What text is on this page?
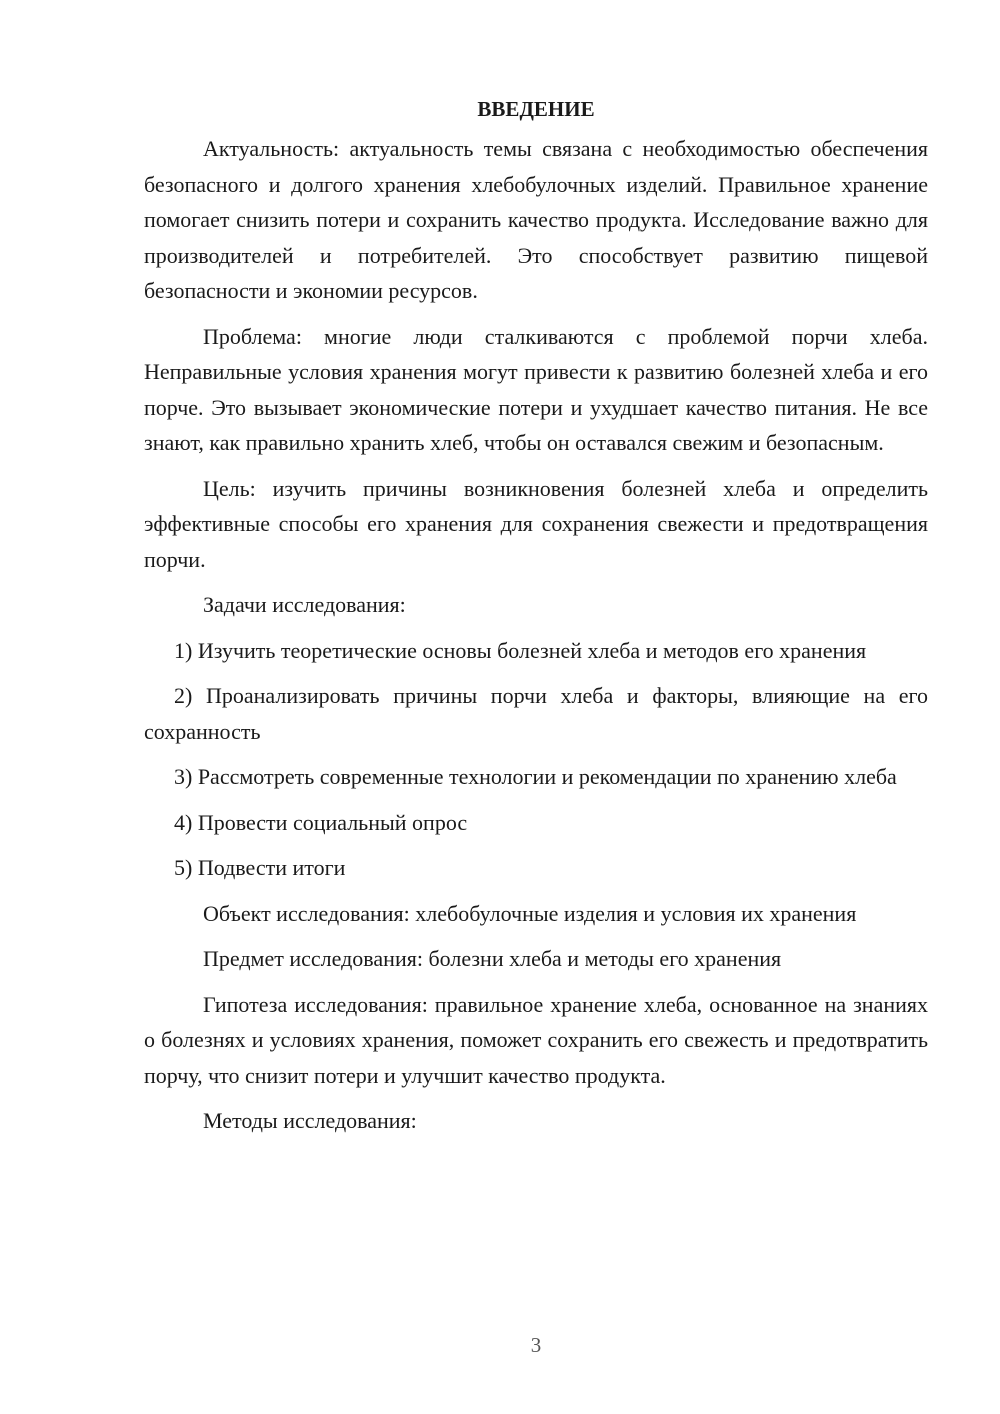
ВВЕДЕНИЕ

Актуальность: актуальность темы связана с необходимостью обеспечения безопасного и долгого хранения хлебобулочных изделий. Правильное хранение помогает снизить потери и сохранить качество продукта. Исследование важно для производителей и потребителей. Это способствует развитию пищевой безопасности и экономии ресурсов.

Проблема: многие люди сталкиваются с проблемой порчи хлеба. Неправильные условия хранения могут привести к развитию болезней хлеба и его порче. Это вызывает экономические потери и ухудшает качество питания. Не все знают, как правильно хранить хлеб, чтобы он оставался свежим и безопасным.

Цель: изучить причины возникновения болезней хлеба и определить эффективные способы его хранения для сохранения свежести и предотвращения порчи.

Задачи исследования:

1) Изучить теоретические основы болезней хлеба и методов его хранения

2) Проанализировать причины порчи хлеба и факторы, влияющие на его сохранность

3) Рассмотреть современные технологии и рекомендации по хранению хлеба

4) Провести социальный опрос

5) Подвести итоги

Объект исследования: хлебобулочные изделия и условия их хранения

Предмет исследования: болезни хлеба и методы его хранения

Гипотеза исследования: правильное хранение хлеба, основанное на знаниях о болезнях и условиях хранения, поможет сохранить его свежесть и предотвратить порчу, что снизит потери и улучшит качество продукта.

Методы исследования:

3
